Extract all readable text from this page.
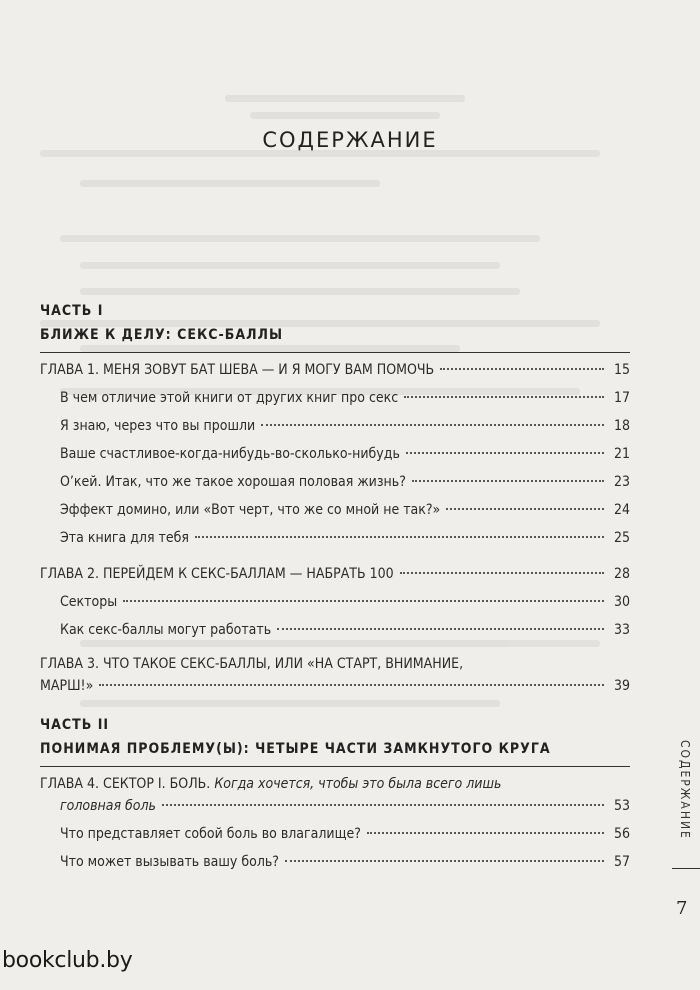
СОДЕРЖАНИЕ
ЧАСТЬ I
БЛИЖЕ К ДЕЛУ: СЕКС-БАЛЛЫ
ГЛАВА 1. МЕНЯ ЗОВУТ БАТ ШЕВА — И Я МОГУ ВАМ ПОМОЧЬ	15
В чем отличие этой книги от других книг про секс	17
Я знаю, через что вы прошли	18
Ваше счастливое-когда-нибудь-во-сколько-нибудь	21
О’кей. Итак, что же такое хорошая половая жизнь?	23
Эффект домино, или «Вот черт, что же со мной не так?»	24
Эта книга для тебя	25
ГЛАВА 2. ПЕРЕЙДЕМ К СЕКС-БАЛЛАМ — НАБРАТЬ 100	28
Секторы	30
Как секс-баллы могут работать	33
ГЛАВА 3. ЧТО ТАКОЕ СЕКС-БАЛЛЫ, ИЛИ «НА СТАРТ, ВНИМАНИЕ,
МАРШ!»	39
ЧАСТЬ II
ПОНИМАЯ ПРОБЛЕМУ(Ы): ЧЕТЫРЕ ЧАСТИ ЗАМКНУТОГО КРУГА
ГЛАВА 4. СЕКТОР I. БОЛЬ. Когда хочется, чтобы это была всего лишь
головная боль	53
Что представляет собой боль во влагалище?	56
Что может вызывать вашу боль?	57
СОДЕРЖАНИЕ
7
bookclub.by
